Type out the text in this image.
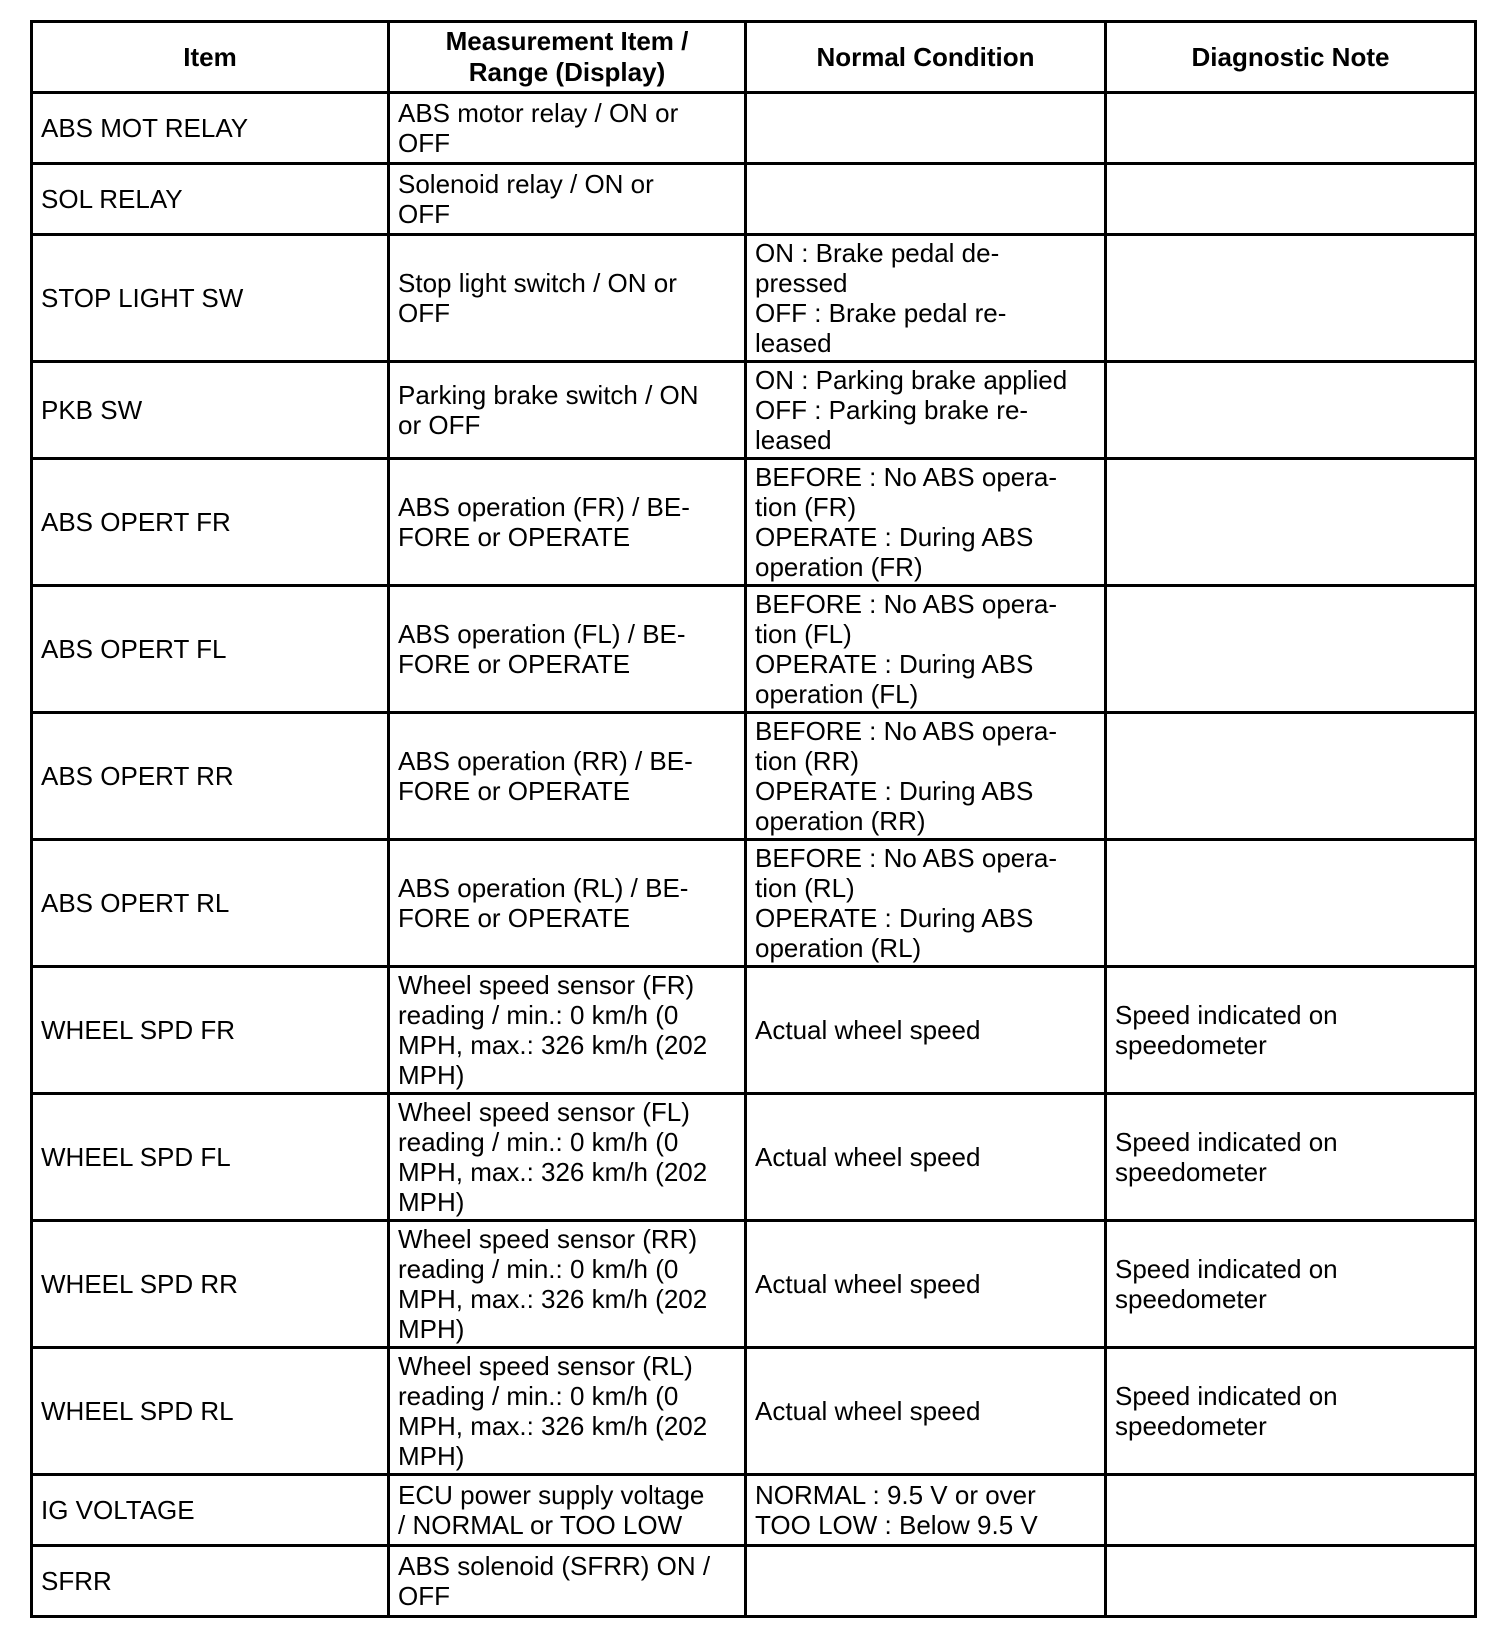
Item	Measurement Item /
Range (Display)	Normal Condition	Diagnostic Note
ABS MOT RELAY	ABS motor relay / ON or
OFF		
SOL RELAY	Solenoid relay / ON or
OFF		
STOP LIGHT SW	Stop light switch / ON or
OFF	ON : Brake pedal de-
pressed
OFF : Brake pedal re-
leased	
PKB SW	Parking brake switch / ON
or OFF	ON : Parking brake applied
OFF : Parking brake re-
leased	
ABS OPERT FR	ABS operation (FR) / BE-
FORE or OPERATE	BEFORE : No ABS opera-
tion (FR)
OPERATE : During ABS
operation (FR)	
ABS OPERT FL	ABS operation (FL) / BE-
FORE or OPERATE	BEFORE : No ABS opera-
tion (FL)
OPERATE : During ABS
operation (FL)	
ABS OPERT RR	ABS operation (RR) / BE-
FORE or OPERATE	BEFORE : No ABS opera-
tion (RR)
OPERATE : During ABS
operation (RR)	
ABS OPERT RL	ABS operation (RL) / BE-
FORE or OPERATE	BEFORE : No ABS opera-
tion (RL)
OPERATE : During ABS
operation (RL)	
WHEEL SPD FR	Wheel speed sensor (FR)
reading / min.: 0 km/h (0
MPH, max.: 326 km/h (202
MPH)	Actual wheel speed	Speed indicated on
speedometer
WHEEL SPD FL	Wheel speed sensor (FL)
reading / min.: 0 km/h (0
MPH, max.: 326 km/h (202
MPH)	Actual wheel speed	Speed indicated on
speedometer
WHEEL SPD RR	Wheel speed sensor (RR)
reading / min.: 0 km/h (0
MPH, max.: 326 km/h (202
MPH)	Actual wheel speed	Speed indicated on
speedometer
WHEEL SPD RL	Wheel speed sensor (RL)
reading / min.: 0 km/h (0
MPH, max.: 326 km/h (202
MPH)	Actual wheel speed	Speed indicated on
speedometer
IG VOLTAGE	ECU power supply voltage
/ NORMAL or TOO LOW	NORMAL : 9.5 V or over
TOO LOW : Below 9.5 V	
SFRR	ABS solenoid (SFRR) ON /
OFF		
